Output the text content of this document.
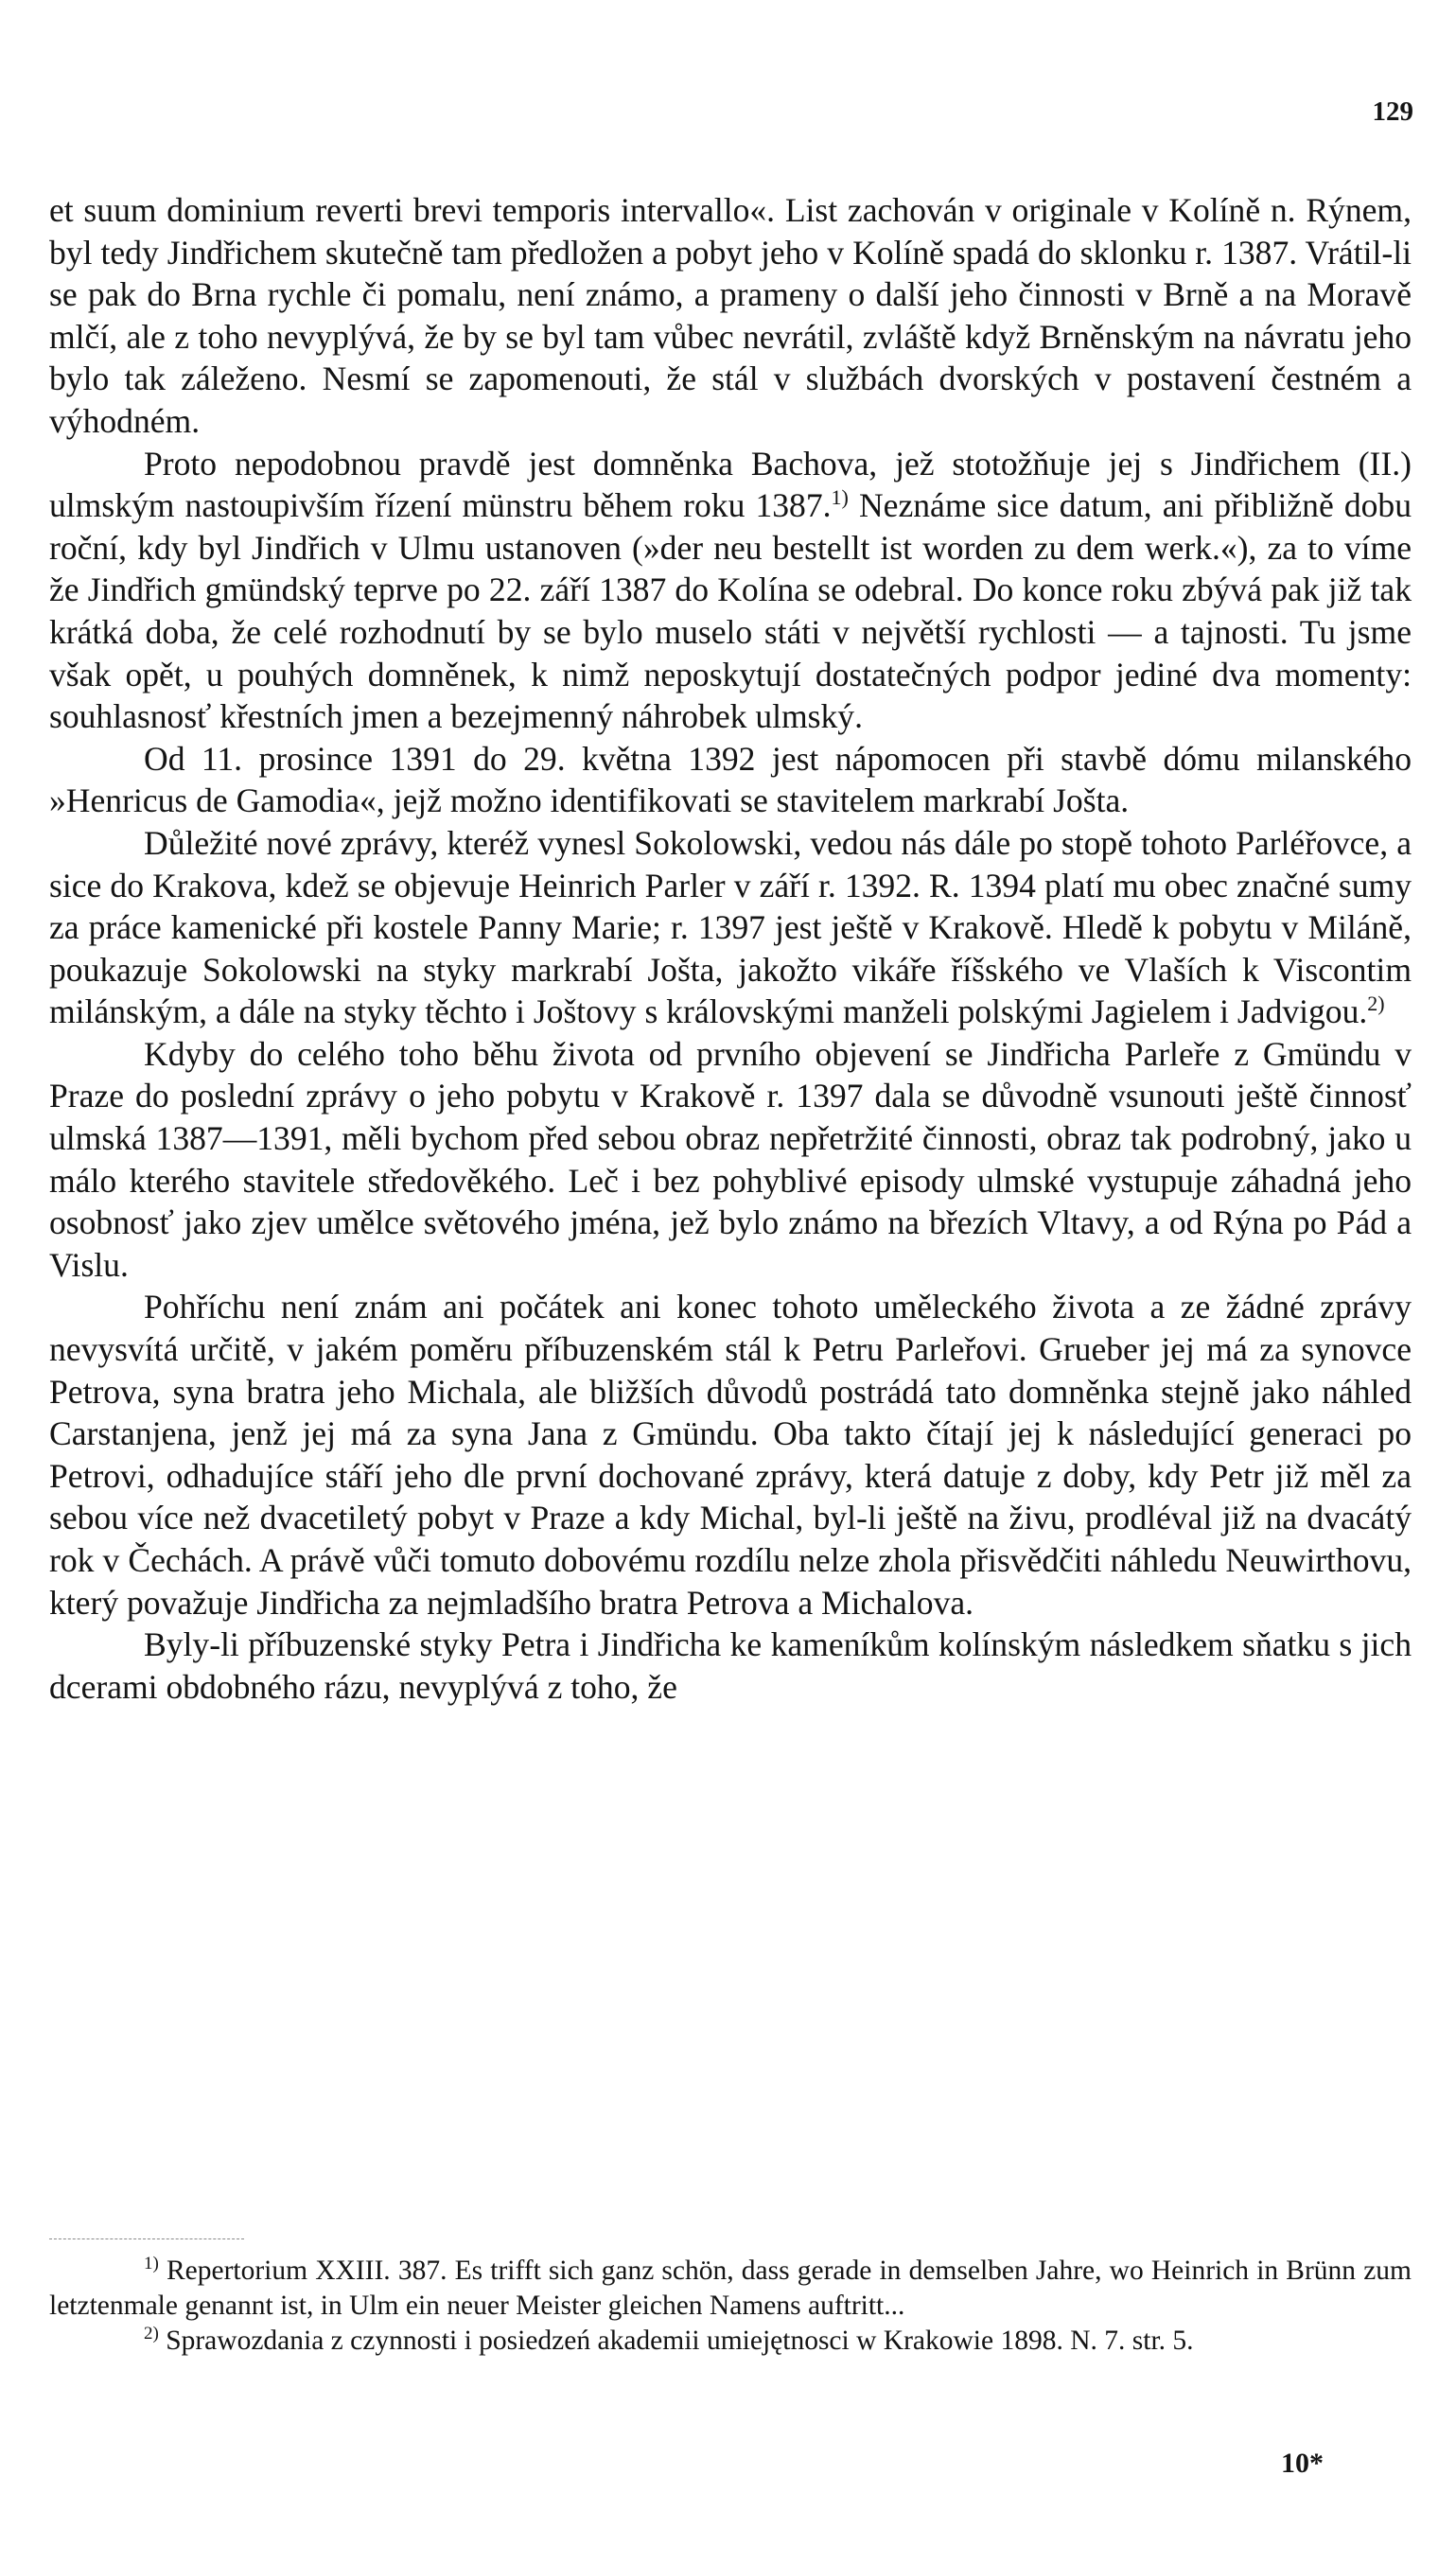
129

et suum dominium reverti brevi temporis intervallo«. List zachován v originale v Kolíně n. Rýnem, byl tedy Jindřichem skutečně tam předložen a pobyt jeho v Kolíně spadá do sklonku r. 1387. Vrátil-li se pak do Brna rychle či pomalu, není známo, a prameny o další jeho činnosti v Brně a na Moravě mlčí, ale z toho nevyplývá, že by se byl tam vůbec nevrátil, zvláště když Brněnským na návratu jeho bylo tak záleženo. Nesmí se zapomenouti, že stál v službách dvorských v postavení čestném a výhodném.

Proto nepodobnou pravdě jest domněnka Bachova, jež stotožňuje jej s Jindřichem (II.) ulmským nastoupivším řízení münstru během roku 1387.$^{1)}$ Neznáme sice datum, ani přibližně dobu roční, kdy byl Jindřich v Ulmu ustanoven (»der neu bestellt ist worden zu dem werk.«), za to víme že Jindřich gmündský teprve po 22. září 1387 do Kolína se odebral. Do konce roku zbývá pak již tak krátká doba, že celé rozhodnutí by se bylo muselo státi v největší rychlosti — a tajnosti. Tu jsme však opět, u pouhých domněnek, k nimž neposkytují dostatečných podpor jediné dva momenty: souhlasnosť křestních jmen a bezejmenný náhrobek ulmský.

Od 11. prosince 1391 do 29. května 1392 jest nápomocen při stavbě dómu milanského »Henricus de Gamodia«, jejž možno identifikovati se stavitelem markrabí Jošta.

Důležité nové zprávy, kteréž vynesl Sokolowski, vedou nás dále po stopě tohoto Parléřovce, a sice do Krakova, kdež se objevuje Heinrich Parler v září r. 1392. R. 1394 platí mu obec značné sumy za práce kamenické při kostele Panny Marie; r. 1397 jest ještě v Krakově. Hledě k pobytu v Miláně, poukazuje Sokolowski na styky markrabí Jošta, jakožto vikáře říšského ve Vlaších k Viscontim milánským, a dále na styky těchto i Joštovy s královskými manželi polskými Jagielem i Jadvigou.$^{2)}$

Kdyby do celého toho běhu života od prvního objevení se Jindřicha Parleře z Gmündu v Praze do poslední zprávy o jeho pobytu v Krakově r. 1397 dala se důvodně vsunouti ještě činnosť ulmská 1387—1391, měli bychom před sebou obraz nepřetržité činnosti, obraz tak podrobný, jako u málo kterého stavitele středověkého. Leč i bez pohyblivé episody ulmské vystupuje záhadná jeho osobnosť jako zjev umělce světového jména, jež bylo známo na březích Vltavy, a od Rýna po Pád a Vislu.

Pohříchu není znám ani počátek ani konec tohoto uměleckého života a ze žádné zprávy nevysvítá určitě, v jakém poměru příbuzenském stál k Petru Parleřovi. Grueber jej má za synovce Petrova, syna bratra jeho Michala, ale bližších důvodů postrádá tato domněnka stejně jako náhled Carstanjena, jenž jej má za syna Jana z Gmündu. Oba takto čítají jej k následující generaci po Petrovi, odhadujíce stáří jeho dle první dochované zprávy, která datuje z doby, kdy Petr již měl za sebou více než dvacetiletý pobyt v Praze a kdy Michal, byl-li ještě na živu, prodléval již na dvacátý rok v Čechách. A právě vůči tomuto dobovému rozdílu nelze zhola přisvědčiti náhledu Neuwirthovu, který považuje Jindřicha za nejmladšího bratra Petrova a Michalova.

Byly-li příbuzenské styky Petra i Jindřicha ke kameníkům kolínským následkem sňatku s jich dcerami obdobného rázu, nevyplývá z toho, že

$^{1)}$ Repertorium XXIII. 387. Es trifft sich ganz schön, dass gerade in demselben Jahre, wo Heinrich in Brünn zum letztenmale genannt ist, in Ulm ein neuer Meister gleichen Namens auftritt...

$^{2)}$ Sprawozdania z czynnosti i posiedzeń akademii umiejętnosci w Krakowie 1898. N. 7. str. 5.

10*
